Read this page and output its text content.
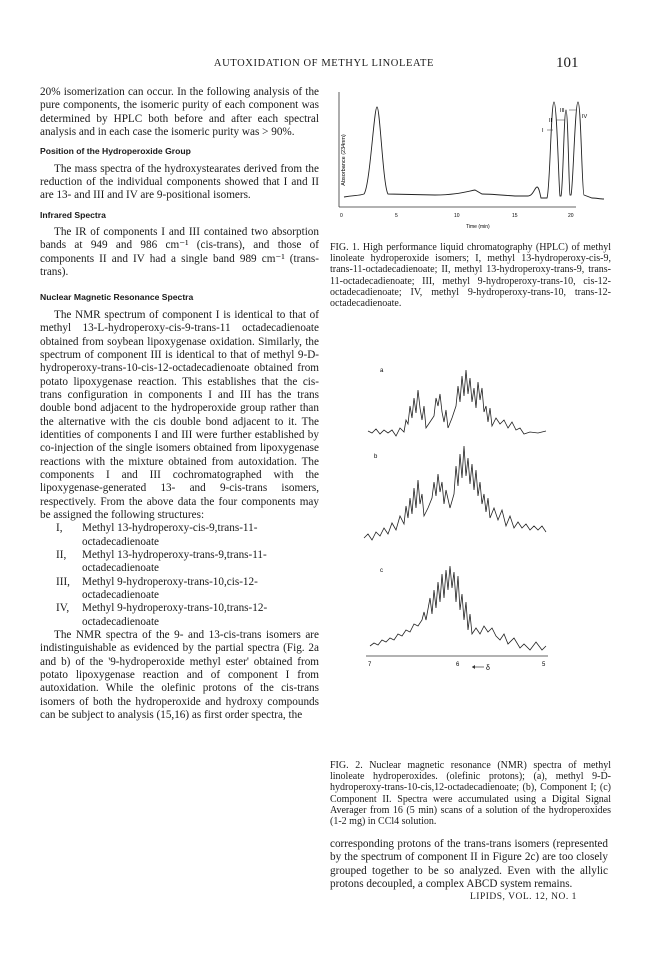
AUTOXIDATION OF METHYL LINOLEATE	101

20% isomerization can occur. In the following analysis of the pure components, the isomeric purity of each component was determined by HPLC both before and after each spectral analysis and in each case the isomeric purity was > 90%.

Position of the Hydroperoxide Group

The mass spectra of the hydroxystearates derived from the reduction of the individual components showed that I and II are 13- and III and IV are 9-positional isomers.

Infrared Spectra

The IR of components I and III contained two absorption bands at 949 and 986 cm⁻¹ (cis-trans), and those of components II and IV had a single band 989 cm⁻¹ (trans-trans).

Nuclear Magnetic Resonance Spectra

The NMR spectrum of component I is identical to that of methyl 13-L-hydroperoxy-cis-9-trans-11 octadecadienoate obtained from soybean lipoxygenase oxidation. Similarly, the spectrum of component III is identical to that of methyl 9-D-hydroperoxy-trans-10-cis-12-octadecadienoate obtained from potato lipoxygenase reaction. This establishes that the cis-trans configuration in components I and III has the trans double bond adjacent to the hydroperoxide group rather than the alternative with the cis double bond adjacent to it. The identities of components I and III were further established by co-injection of the single isomers obtained from lipoxygenase reactions with the mixture obtained from autoxidation. The components I and III cochromatographed with the lipoxygenase-generated 13- and 9-cis-trans isomers, respectively. From the above data the four components may be assigned the following structures:

I,	Methyl 13-hydroperoxy-cis-9,trans-11-octadecadienoate
II,	Methyl 13-hydroperoxy-trans-9,trans-11-octadecadienoate
III,	Methyl 9-hydroperoxy-trans-10,cis-12-octadecadienoate
IV,	Methyl 9-hydroperoxy-trans-10,trans-12-octadecadienoate

The NMR spectra of the 9- and 13-cis-trans isomers are indistinguishable as evidenced by the partial spectra (Fig. 2a and b) of the '9-hydroperoxide methyl ester' obtained from potato lipoxygenase reaction and of component I from autoxidation. While the olefinic protons of the cis-trans isomers of both the hydroperoxide and hydroxy compounds can be subject to analysis (15,16) as first order spectra, the

Absorbance (234nm)
I
II
III
IV
0	5	10	15	20
Time (min)
FIG. 1. High performance liquid chromatography (HPLC) of methyl linoleate hydroperoxide isomers; I, methyl 13-hydroperoxy-cis-9, trans-11-octadecadienoate; II, methyl 13-hydroperoxy-trans-9, trans-11-octadecadienoate; III, methyl 9-hydroperoxy-trans-10, cis-12-octadecadienoate; IV, methyl 9-hydroperoxy-trans-10, trans-12-octadecadienoate.
a
b
c
7	6	5
δ
FIG. 2. Nuclear magnetic resonance (NMR) spectra of methyl linoleate hydroperoxides. (olefinic protons); (a), methyl 9-D-hydroperoxy-trans-10-cis,12-octadecadienoate; (b), Component I; (c) Component II. Spectra were accumulated using a Digital Signal Averager from 16 (5 min) scans of a solution of the hydroperoxides (1-2 mg) in CCl4 solution.

corresponding protons of the trans-trans isomers (represented by the spectrum of component II in Figure 2c) are too closely grouped together to be so analyzed. Even with the allylic protons decoupled, a complex ABCD system remains.

LIPIDS, VOL. 12, NO. 1
